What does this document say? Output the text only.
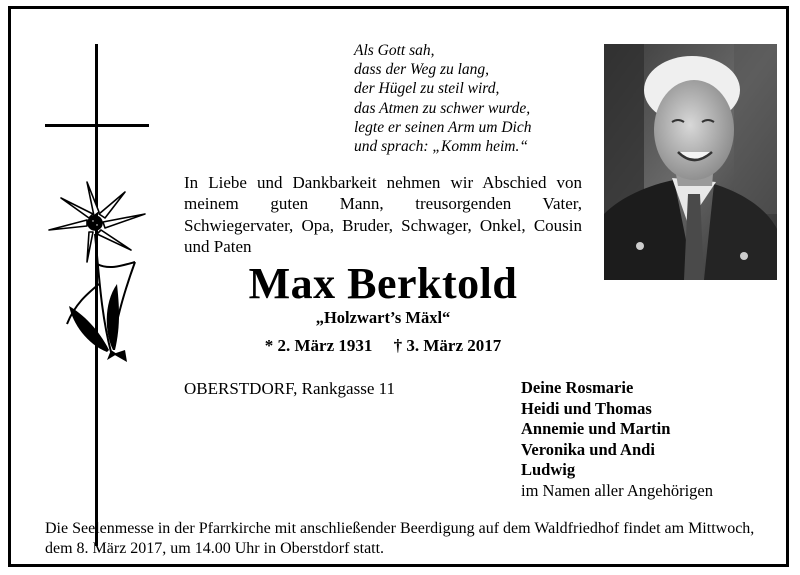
Als Gott sah,
dass der Weg zu lang,
der Hügel zu steil wird,
das Atmen zu schwer wurde,
legte er seinen Arm um Dich
und sprach: „Komm heim.“
In Liebe und Dankbarkeit nehmen wir Abschied von meinem guten Mann, treusorgenden Vater, Schwiegervater, Opa, Bruder, Schwager, Onkel, Cousin und Paten
Max Berktold
„Holzwart’s Mäxl“
* 2. März 1931 † 3. März 2017
OBERSTDORF, Rankgasse 11	Deine Rosmarie
Heidi und Thomas
Annemie und Martin
Veronika und Andi
Ludwig
im Namen aller Angehörigen
Die Seelenmesse in der Pfarrkirche mit anschließender Beerdigung auf dem Waldfriedhof findet am Mittwoch, dem 8. März 2017, um 14.00 Uhr in Oberstdorf statt.
